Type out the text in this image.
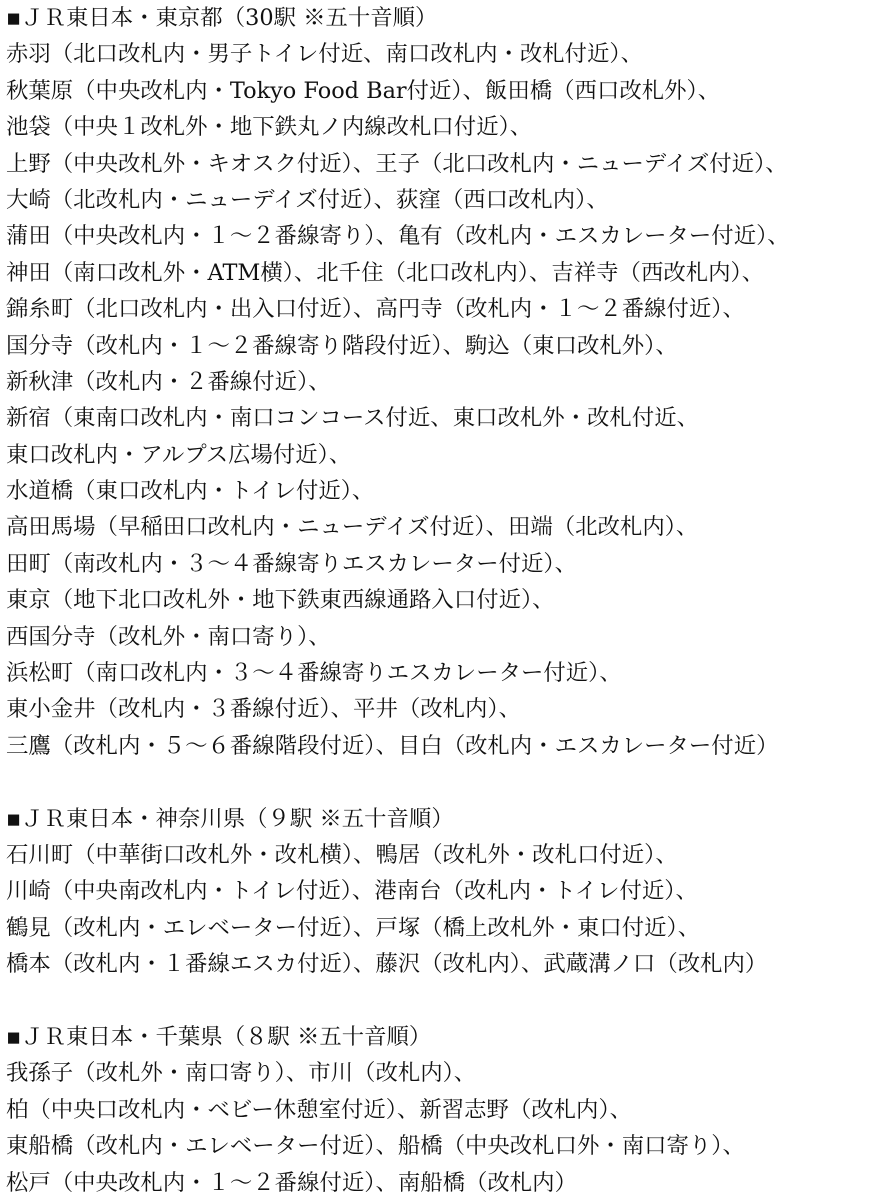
▪ＪＲ東日本・東京都（30駅 ※五十音順）
赤羽（北口改札内・男子トイレ付近、南口改札内・改札付近）、
秋葉原（中央改札内・Tokyo Food Bar付近）、飯田橋（西口改札外）、
池袋（中央１改札外・地下鉄丸ノ内線改札口付近）、
上野（中央改札外・キオスク付近）、王子（北口改札内・ニューデイズ付近）、
大崎（北改札内・ニューデイズ付近）、荻窪（西口改札内）、
蒲田（中央改札内・１〜２番線寄り）、亀有（改札内・エスカレーター付近）、
神田（南口改札外・ATM横）、北千住（北口改札内）、吉祥寺（西改札内）、
錦糸町（北口改札内・出入口付近）、高円寺（改札内・１〜２番線付近）、
国分寺（改札内・１〜２番線寄り階段付近）、駒込（東口改札外）、
新秋津（改札内・２番線付近）、
新宿（東南口改札内・南口コンコース付近、東口改札外・改札付近、
東口改札内・アルプス広場付近）、
水道橋（東口改札内・トイレ付近）、
高田馬場（早稲田口改札内・ニューデイズ付近）、田端（北改札内）、
田町（南改札内・３〜４番線寄りエスカレーター付近）、
東京（地下北口改札外・地下鉄東西線通路入口付近）、
西国分寺（改札外・南口寄り）、
浜松町（南口改札内・３〜４番線寄りエスカレーター付近）、
東小金井（改札内・３番線付近）、平井（改札内）、
三鷹（改札内・５〜６番線階段付近）、目白（改札内・エスカレーター付近）
▪ＪＲ東日本・神奈川県（９駅 ※五十音順）
石川町（中華街口改札外・改札横）、鴨居（改札外・改札口付近）、
川崎（中央南改札内・トイレ付近）、港南台（改札内・トイレ付近）、
鶴見（改札内・エレベーター付近）、戸塚（橋上改札外・東口付近）、
橋本（改札内・１番線エスカ付近）、藤沢（改札内）、武蔵溝ノ口（改札内）
▪ＪＲ東日本・千葉県（８駅 ※五十音順）
我孫子（改札外・南口寄り）、市川（改札内）、
柏（中央口改札内・ベビー休憩室付近）、新習志野（改札内）、
東船橋（改札内・エレベーター付近）、船橋（中央改札口外・南口寄り）、
松戸（中央改札内・１〜２番線付近）、南船橋（改札内）
